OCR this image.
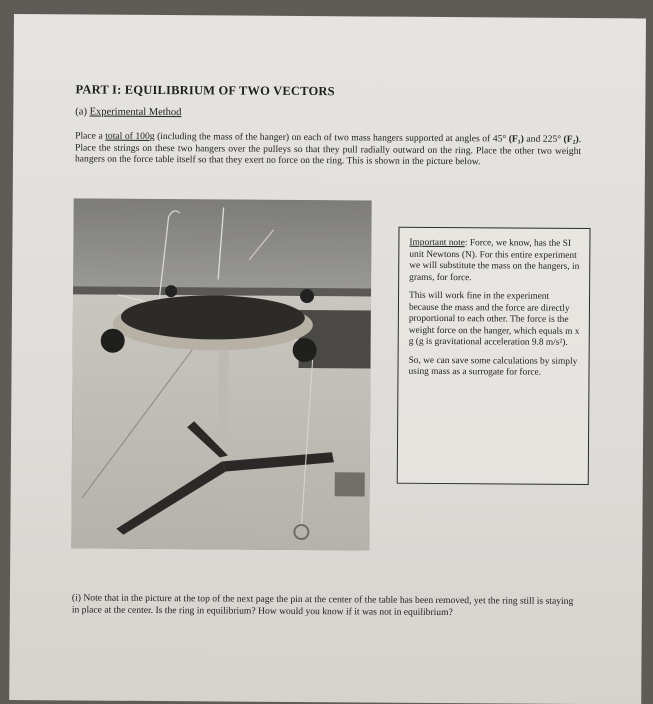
PART I: EQUILIBRIUM OF TWO VECTORS
(a) Experimental Method
Place a total of 100g (including the mass of the hanger) on each of two mass hangers supported at angles of 45° (F₁) and 225° (F₂). Place the strings on these two hangers over the pulleys so that they pull radially outward on the ring. Place the other two weight hangers on the force table itself so that they exert no force on the ring. This is shown in the picture below.

Important note: Force, we know, has the SI unit Newtons (N). For this entire experiment we will substitute the mass on the hangers, in grams, for force.

This will work fine in the experiment because the mass and the force are directly proportional to each other. The force is the weight force on the hanger, which equals m x g (g is gravitational acceleration 9.8 m/s²).

So, we can save some calculations by simply using mass as a surrogate for force.

(i) Note that in the picture at the top of the next page the pin at the center of the table has been removed, yet the ring still is staying in place at the center. Is the ring in equilibrium? How would you know if it was not in equilibrium?
